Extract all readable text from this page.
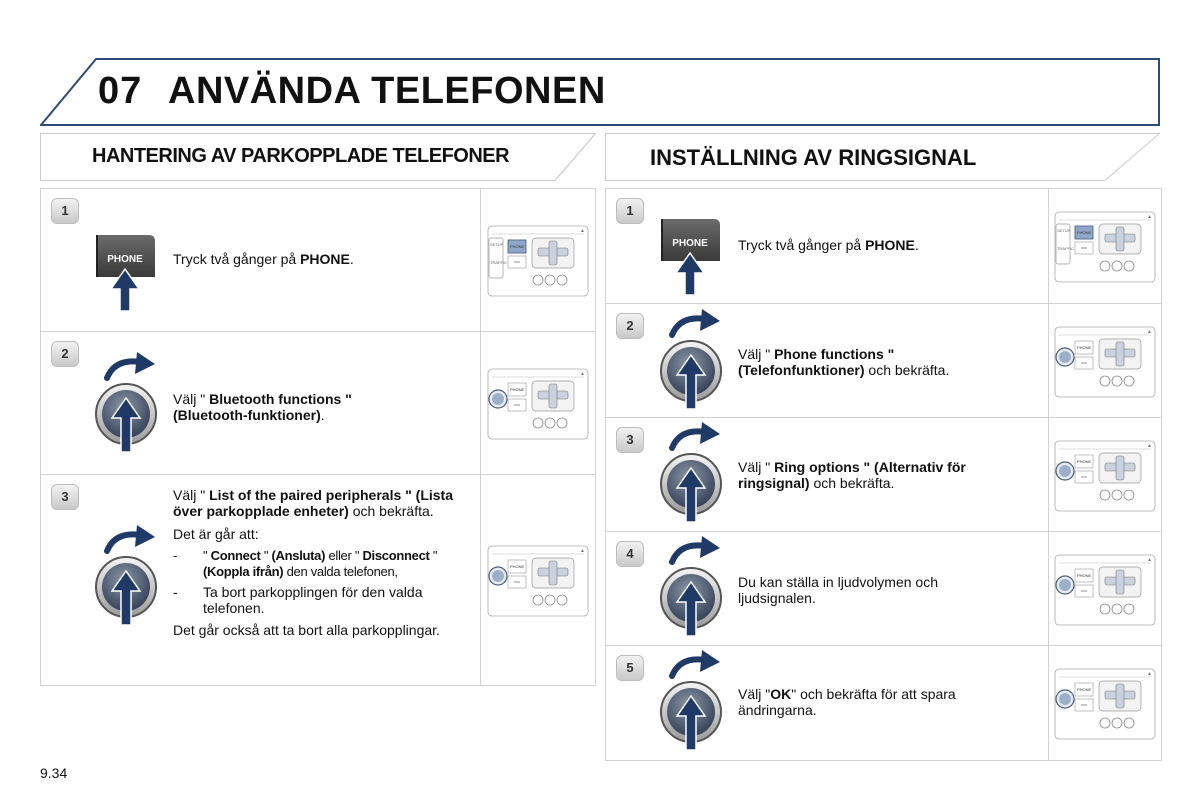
07 ANVÄNDA TELEFONEN
HANTERING AV PARKOPPLADE TELEFONER	INSTÄLLNING AV RINGSIGNAL
1
PHONE Tryck två gånger på PHONE.
▲
SETUP PHONE
TRAFFIC
2
Välj " Bluetooth functions " (Bluetooth-funktioner).
▲
PHONE
3	Välj " List of the paired peripherals " (Lista över parkopplade enheter) och bekräfta.
Det är går att:
- " Connect " (Ansluta) eller " Disconnect " (Koppla ifrån) den valda telefonen,
- Ta bort parkopplingen för den valda telefonen.
Det går också att ta bort alla parkopplingar.
▲
PHONE
1
PHONE Tryck två gånger på PHONE.
▲
SETUP PHONE
TRAFFIC
2
Välj " Phone functions " (Telefonfunktioner) och bekräfta.
▲
PHONE
3
Välj " Ring options " (Alternativ för ringsignal) och bekräfta.
▲
PHONE
4
Du kan ställa in ljudvolymen och ljudsignalen.
▲
PHONE
5
Välj "OK" och bekräfta för att spara ändringarna.
▲
PHONE
9.34
